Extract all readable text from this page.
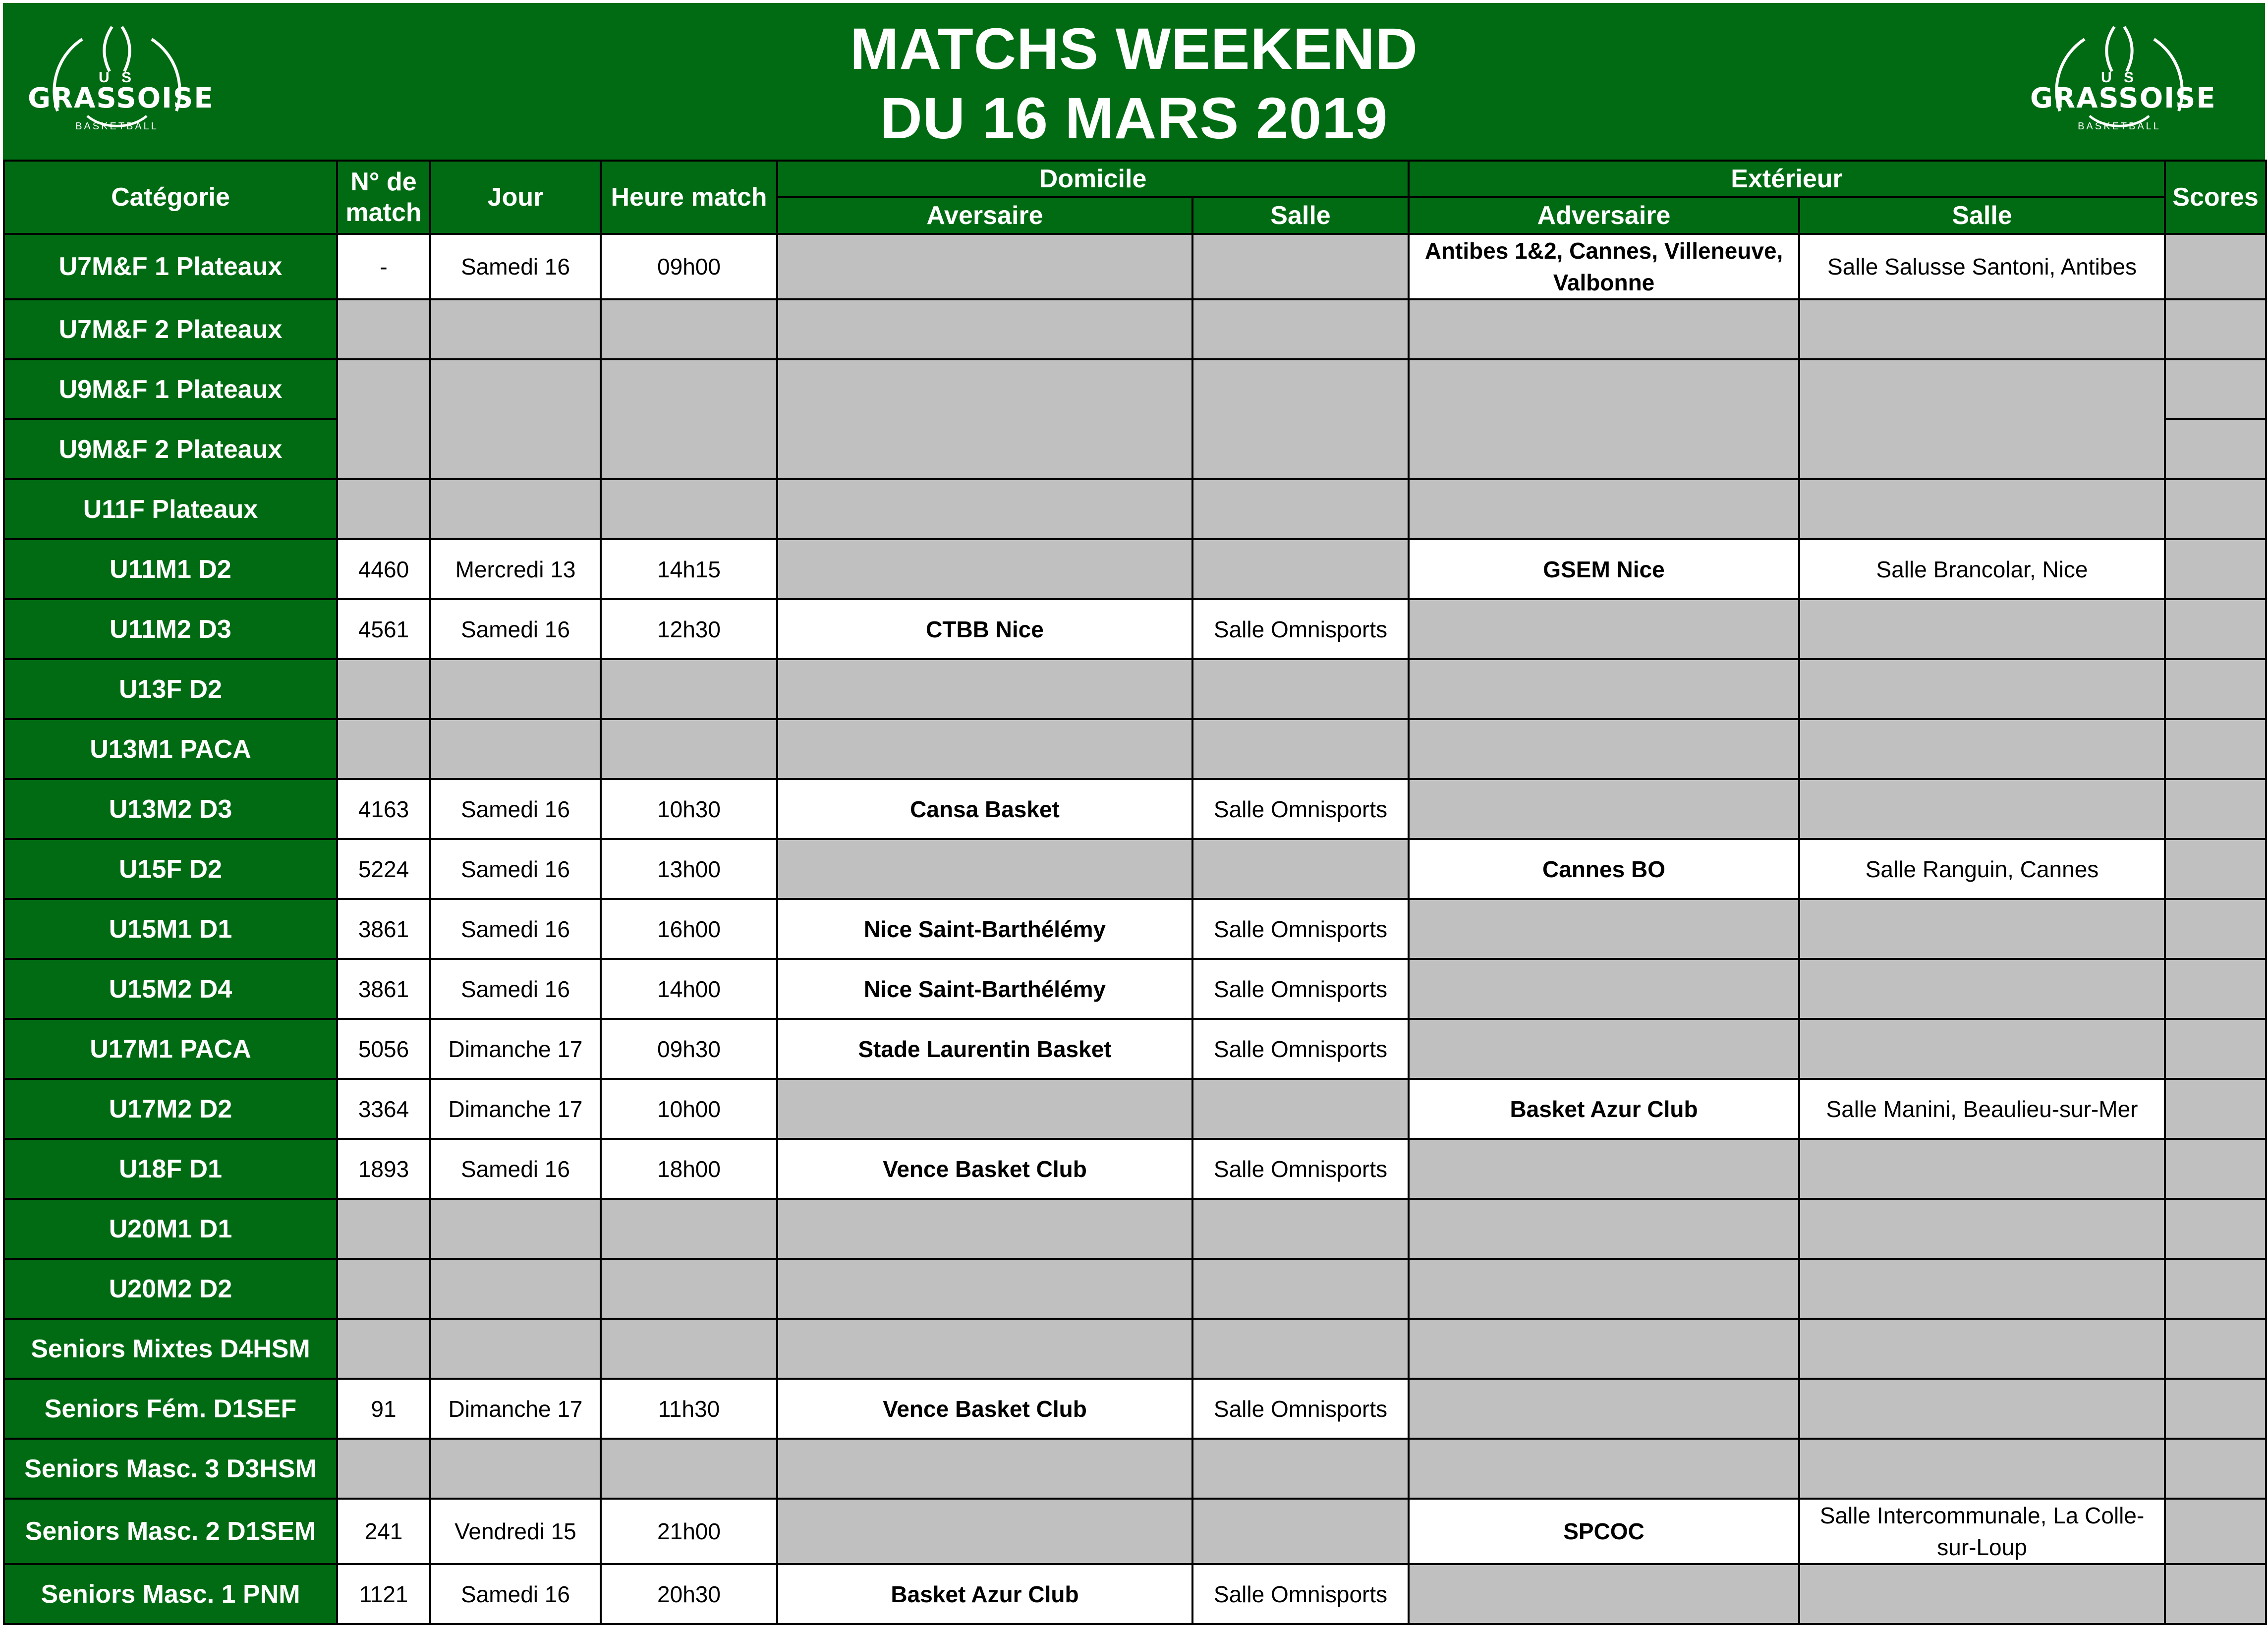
U S
GRASSOISE
BASKETBALL
MATCHS WEEKEND
DU 16 MARS 2019
U S
GRASSOISE
BASKETBALL
Catégorie	N° de match	Jour	Heure match	Domicile		Extérieur		Scores
				Aversaire	Salle	Adversaire	Salle	
U7M&F 1 Plateaux	-	Samedi 16	09h00			Antibes 1&2, Cannes, Villeneuve, Valbonne	Salle Salusse Santoni, Antibes	
U7M&F 2 Plateaux								
U9M&F 1 Plateaux								
U9M&F 2 Plateaux								
U11F Plateaux								
U11M1 D2	4460	Mercredi 13	14h15			GSEM Nice	Salle Brancolar, Nice	
U11M2 D3	4561	Samedi 16	12h30	CTBB Nice	Salle Omnisports			
U13F D2								
U13M1 PACA								
U13M2 D3	4163	Samedi 16	10h30	Cansa Basket	Salle Omnisports			
U15F D2	5224	Samedi 16	13h00			Cannes BO	Salle Ranguin, Cannes	
U15M1 D1	3861	Samedi 16	16h00	Nice Saint-Barthélémy	Salle Omnisports			
U15M2 D4	3861	Samedi 16	14h00	Nice Saint-Barthélémy	Salle Omnisports			
U17M1 PACA	5056	Dimanche 17	09h30	Stade Laurentin Basket	Salle Omnisports			
U17M2 D2	3364	Dimanche 17	10h00			Basket Azur Club	Salle Manini, Beaulieu-sur-Mer	
U18F D1	1893	Samedi 16	18h00	Vence Basket Club	Salle Omnisports			
U20M1 D1								
U20M2 D2								
Seniors Mixtes D4HSM								
Seniors Fém. D1SEF	91	Dimanche 17	11h30	Vence Basket Club	Salle Omnisports			
Seniors Masc. 3 D3HSM								
Seniors Masc. 2 D1SEM	241	Vendredi 15	21h00			SPCOC	Salle Intercommunale, La Colle-sur-Loup	
Seniors Masc. 1 PNM	1121	Samedi 16	20h30	Basket Azur Club	Salle Omnisports			
